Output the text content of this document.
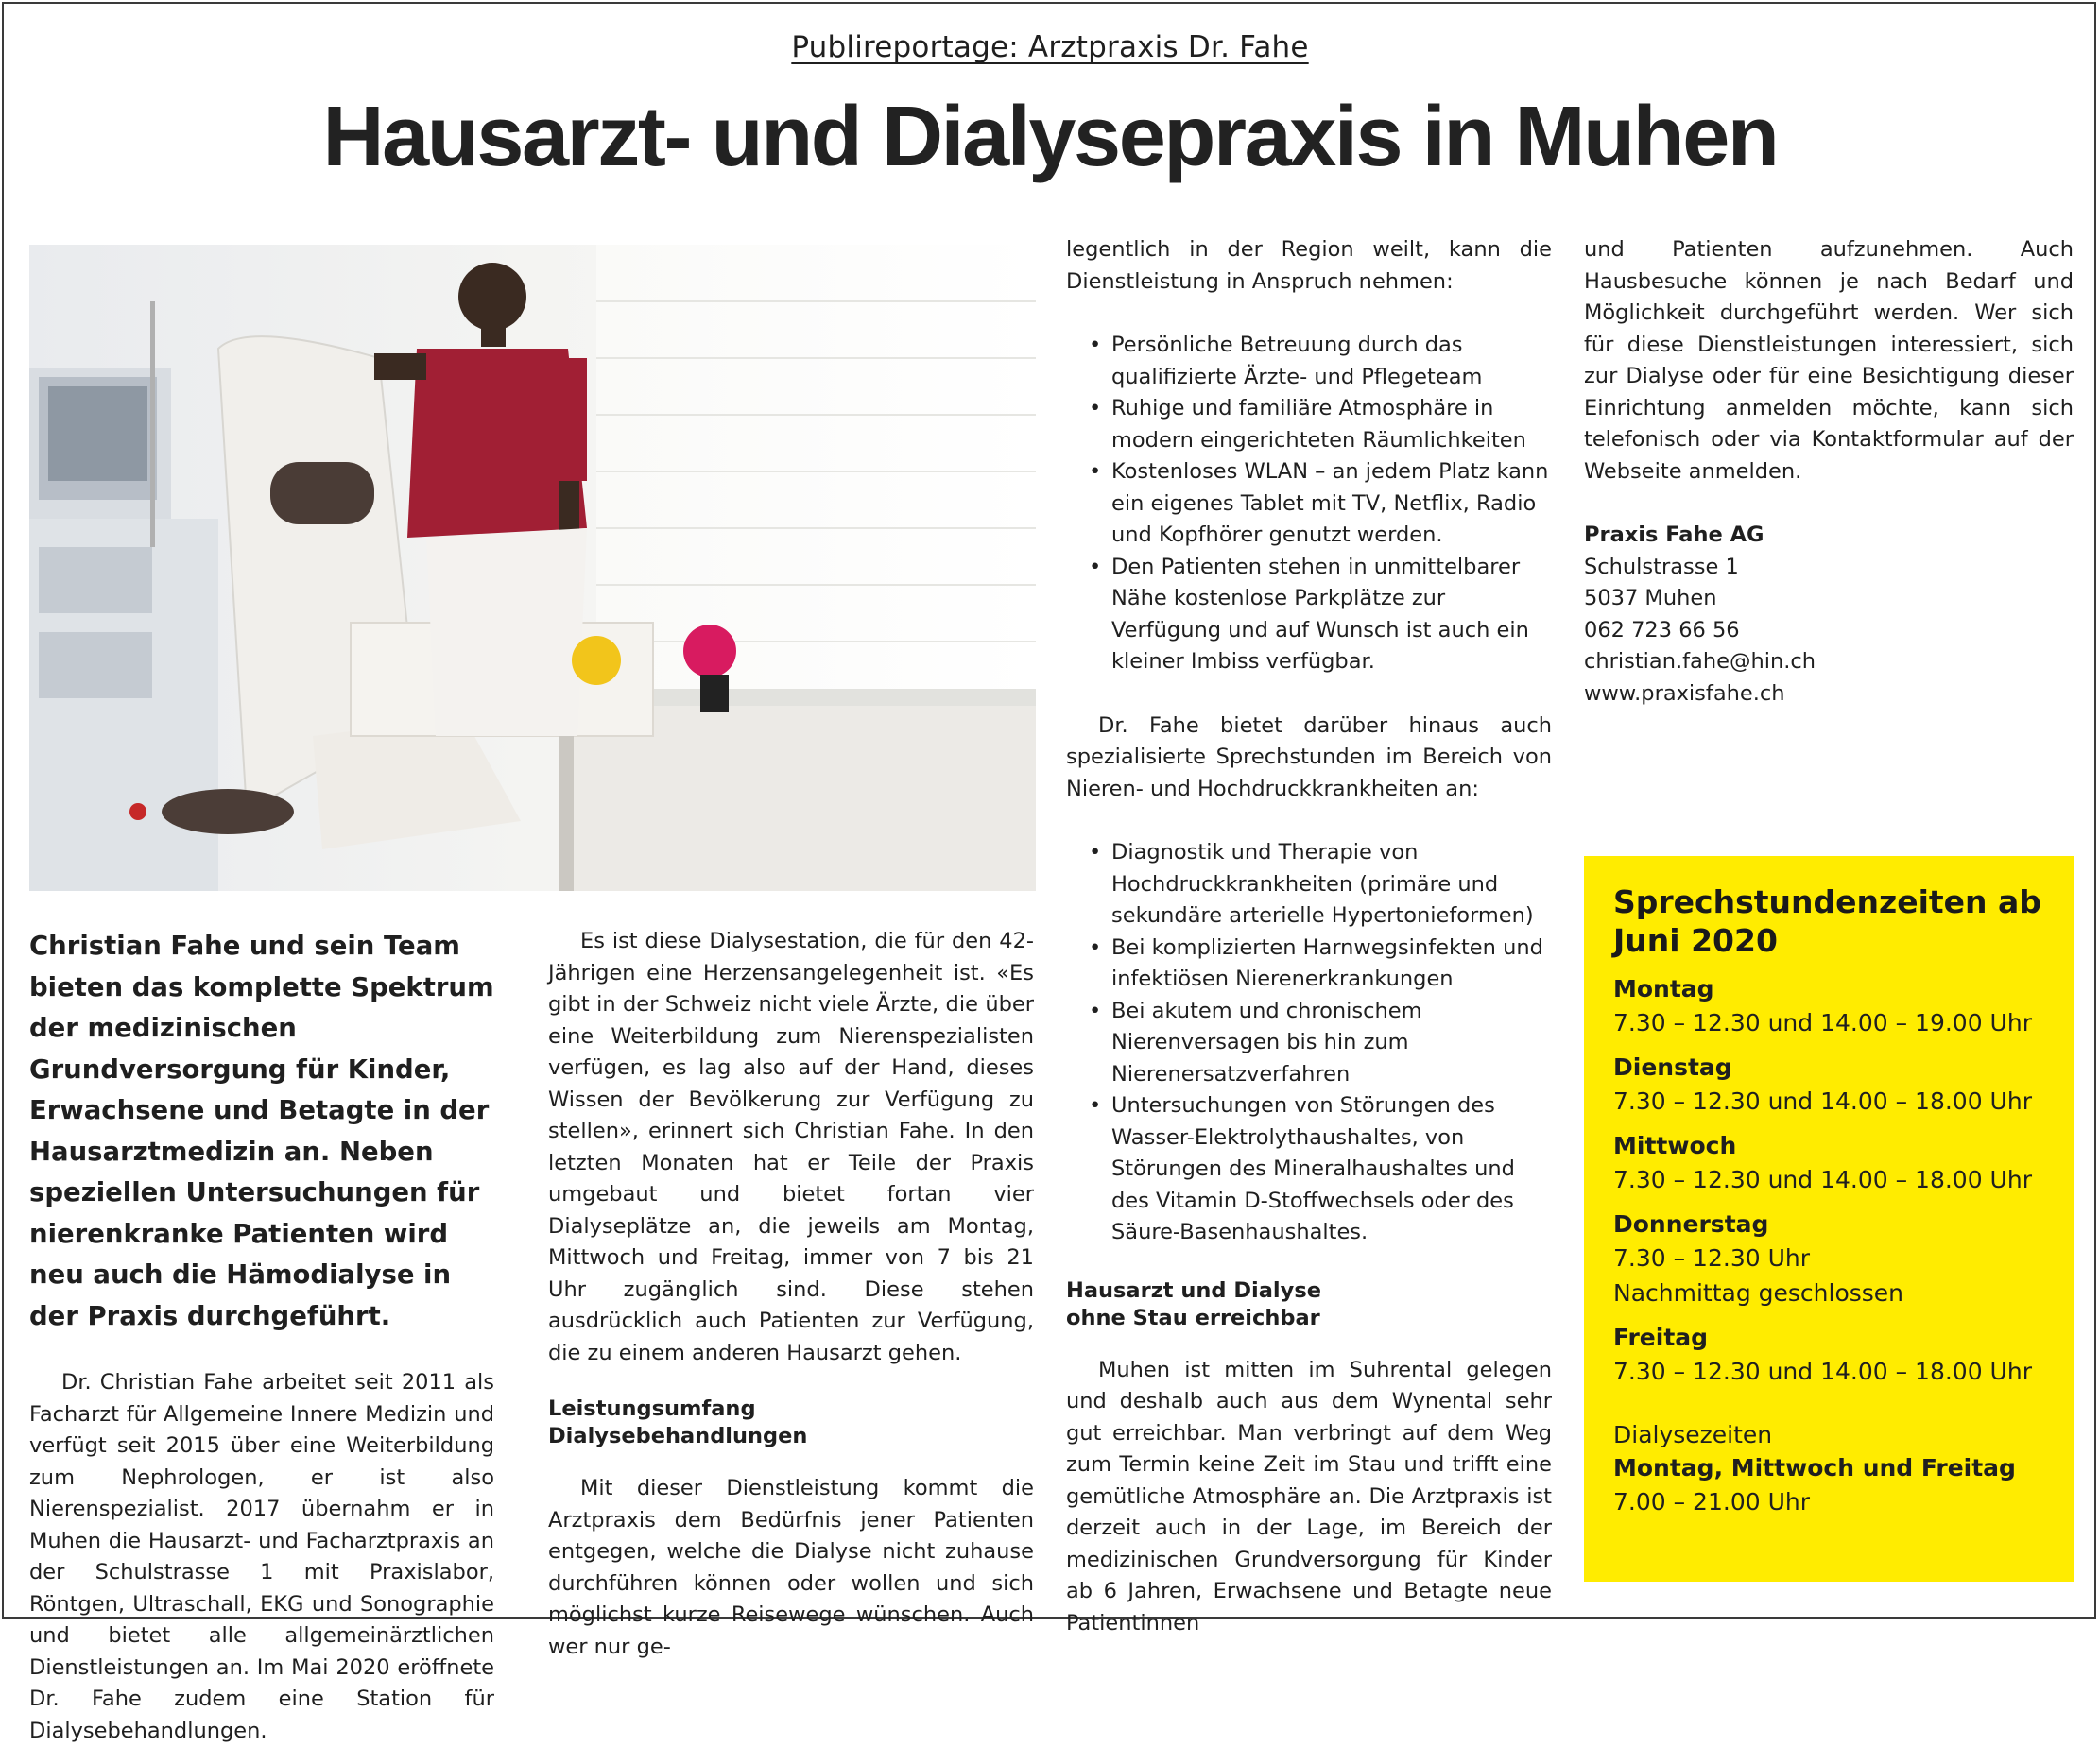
Publireportage: Arztpraxis Dr. Fahe
Hausarzt- und Dialysepraxis in Muhen

Christian Fahe und sein Team bieten das komplette Spektrum der medizinischen Grundversorgung für Kinder, Erwachsene und Betagte in der Hausarztmedizin an. Neben speziellen Untersuchungen für nierenkranke Patienten wird neu auch die Hämodialyse in der Praxis durchgeführt.

Dr. Christian Fahe arbeitet seit 2011 als Facharzt für Allgemeine Innere Medizin und verfügt seit 2015 über eine Weiterbildung zum Nephrologen, er ist also Nierenspezialist. 2017 übernahm er in Muhen die Hausarzt- und Facharztpraxis an der Schulstrasse 1 mit Praxislabor, Röntgen, Ultraschall, EKG und Sonographie und bietet alle allgemeinärztlichen Dienstleistungen an. Im Mai 2020 eröffnete Dr. Fahe zudem eine Station für Dialysebehandlungen.

Es ist diese Dialysestation, die für den 42-Jährigen eine Herzensangelegenheit ist. «Es gibt in der Schweiz nicht viele Ärzte, die über eine Weiterbildung zum Nierenspezialisten verfügen, es lag also auf der Hand, dieses Wissen der Bevölkerung zur Verfügung zu stellen», erinnert sich Christian Fahe. In den letzten Monaten hat er Teile der Praxis umgebaut und bietet fortan vier Dialyseplätze an, die jeweils am Montag, Mittwoch und Freitag, immer von 7 bis 21 Uhr zugänglich sind. Diese stehen ausdrücklich auch Patienten zur Verfügung, die zu einem anderen Hausarzt gehen.

Leistungsumfang
Dialysebehandlungen

Mit dieser Dienstleistung kommt die Arztpraxis dem Bedürfnis jener Patienten entgegen, welche die Dialyse nicht zuhause durchführen können oder wollen und sich möglichst kurze Reisewege wünschen. Auch wer nur ge-

legentlich in der Region weilt, kann die Dienstleistung in Anspruch nehmen:

• Persönliche Betreuung durch das qualifizierte Ärzte- und Pflegeteam
• Ruhige und familiäre Atmosphäre in modern eingerichteten Räumlichkeiten
• Kostenloses WLAN – an jedem Platz kann ein eigenes Tablet mit TV, Netflix, Radio und Kopfhörer genutzt werden.
• Den Patienten stehen in unmittelbarer Nähe kostenlose Parkplätze zur Verfügung und auf Wunsch ist auch ein kleiner Imbiss verfügbar.

Dr. Fahe bietet darüber hinaus auch spezialisierte Sprechstunden im Bereich von Nieren- und Hochdruckkrankheiten an:

• Diagnostik und Therapie von Hochdruckkrankheiten (primäre und sekundäre arterielle Hypertonieformen)
• Bei komplizierten Harnwegsinfekten und infektiösen Nierenerkrankungen
• Bei akutem und chronischem Nierenversagen bis hin zum Nierenersatzverfahren
• Untersuchungen von Störungen des Wasser-Elektrolythaushaltes, von Störungen des Mineralhaushaltes und des Vitamin D-Stoffwechsels oder des Säure-Basenhaushaltes.

Hausarzt und Dialyse
ohne Stau erreichbar

Muhen ist mitten im Suhrental gelegen und deshalb auch aus dem Wynental sehr gut erreichbar. Man verbringt auf dem Weg zum Termin keine Zeit im Stau und trifft eine gemütliche Atmosphäre an. Die Arztpraxis ist derzeit auch in der Lage, im Bereich der medizinischen Grundversorgung für Kinder ab 6 Jahren, Erwachsene und Betagte neue Patientinnen

und Patienten aufzunehmen. Auch Hausbesuche können je nach Bedarf und Möglichkeit durchgeführt werden. Wer sich für diese Dienstleistungen interessiert, sich zur Dialyse oder für eine Besichtigung dieser Einrichtung anmelden möchte, kann sich telefonisch oder via Kontaktformular auf der Webseite anmelden.

Praxis Fahe AG

Schulstrasse 1

5037 Muhen

062 723 66 56

christian.fahe@hin.ch

www.praxisfahe.ch

Sprechstundenzeiten ab Juni 2020
Montag
7.30 – 12.30 und 14.00 – 19.00 Uhr
Dienstag
7.30 – 12.30 und 14.00 – 18.00 Uhr
Mittwoch
7.30 – 12.30 und 14.00 – 18.00 Uhr
Donnerstag
7.30 – 12.30 Uhr
Nachmittag geschlossen
Freitag
7.30 – 12.30 und 14.00 – 18.00 Uhr
Dialysezeiten
Montag, Mittwoch und Freitag
7.00 – 21.00 Uhr
